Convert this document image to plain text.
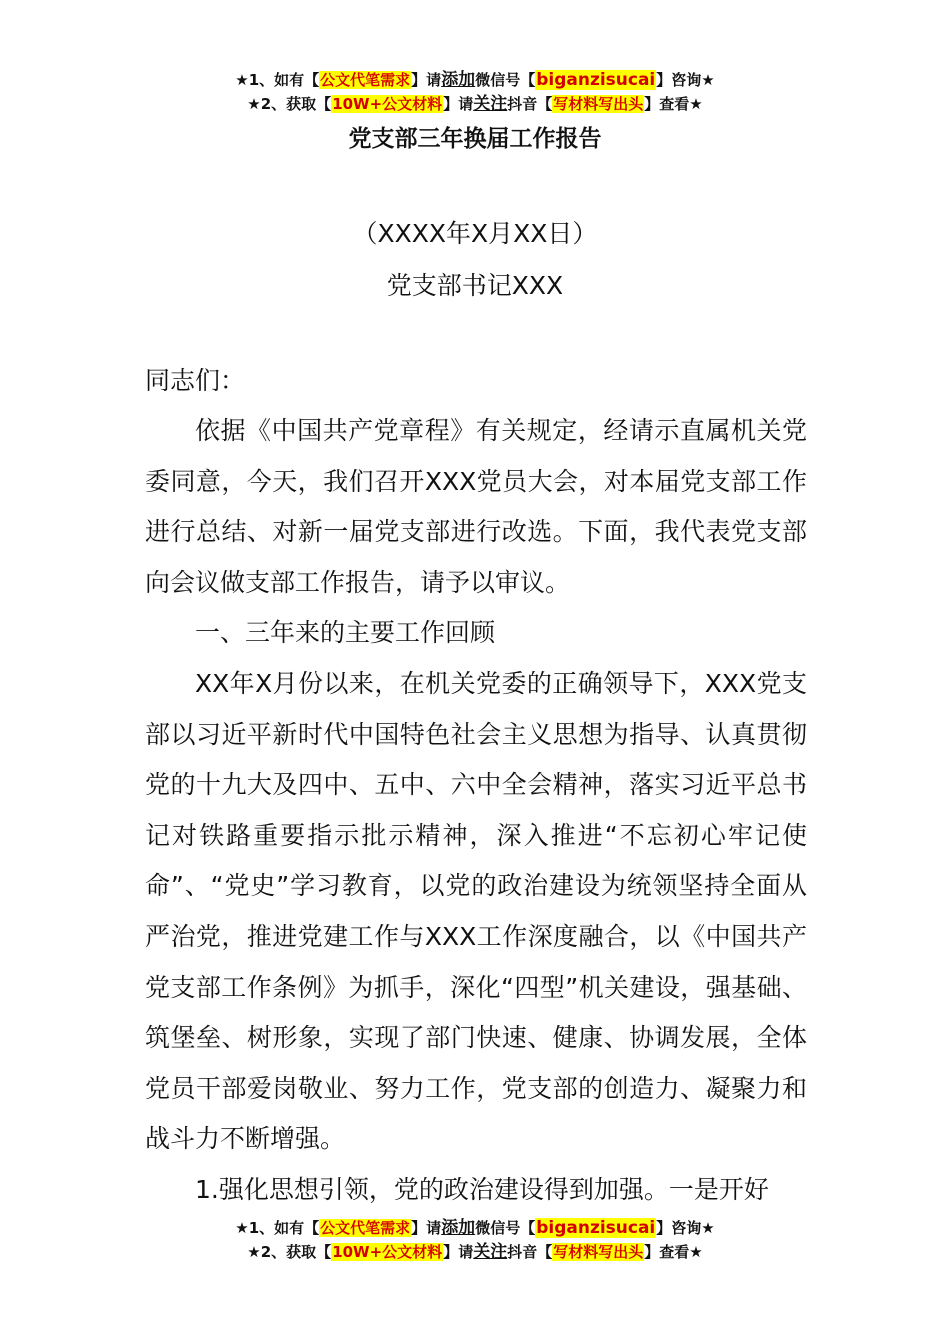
★1、如有【公文代笔需求】请添加微信号【biganzisucai】咨询★
★2、获取【10W+公文材料】请关注抖音【写材料写出头】查看★
党支部三年换届工作报告
（XXXX年X月XX日）
党支部书记XXX

同志们：

依据《中国共产党章程》有关规定，经请示直属机关党委同意，今天，我们召开XXX党员大会，对本届党支部工作进行总结、对新一届党支部进行改选。下面，我代表党支部向会议做支部工作报告，请予以审议。

一、三年来的主要工作回顾

XX年X月份以来，在机关党委的正确领导下，XXX党支部以习近平新时代中国特色社会主义思想为指导、认真贯彻党的十九大及四中、五中、六中全会精神，落实习近平总书记对铁路重要指示批示精神，深入推进“不忘初心牢记使命”、“党史”学习教育，以党的政治建设为统领坚持全面从严治党，推进党建工作与XXX工作深度融合，以《中国共产党支部工作条例》为抓手，深化“四型”机关建设，强基础、筑堡垒、树形象，实现了部门快速、健康、协调发展，全体党员干部爱岗敬业、努力工作，党支部的创造力、凝聚力和战斗力不断增强。

1.强化思想引领，党的政治建设得到加强。一是开好

★1、如有【公文代笔需求】请添加微信号【biganzisucai】咨询★
★2、获取【10W+公文材料】请关注抖音【写材料写出头】查看★
